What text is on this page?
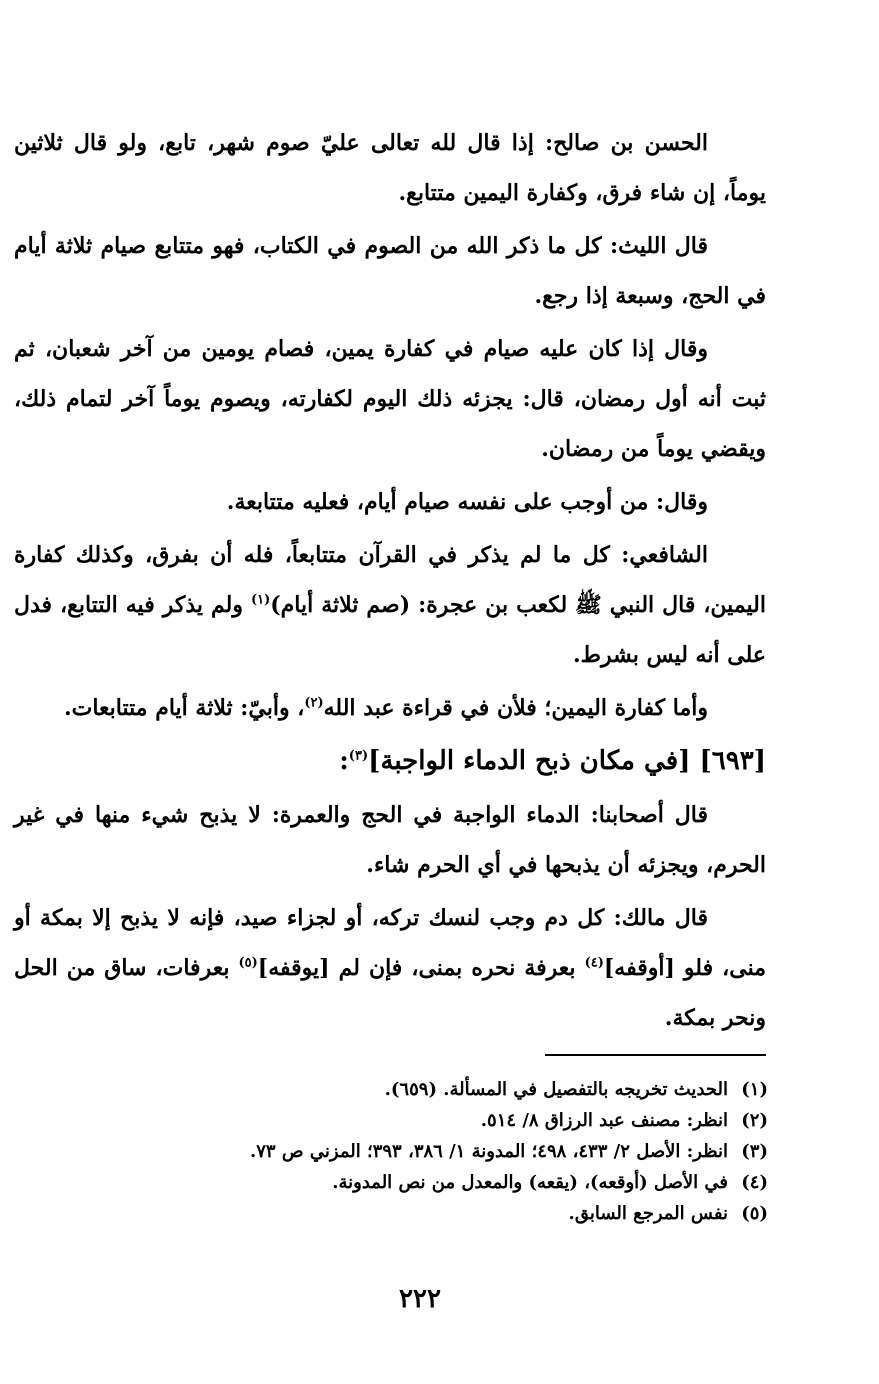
الحسن بن صالح: إذا قال لله تعالى عليّ صوم شهر، تابع، ولو قال ثلاثين يوماً، إن شاء فرق، وكفارة اليمين متتابع.

قال الليث: كل ما ذكر الله من الصوم في الكتاب، فهو متتابع صيام ثلاثة أيام في الحج، وسبعة إذا رجع.

وقال إذا كان عليه صيام في كفارة يمين، فصام يومين من آخر شعبان، ثم ثبت أنه أول رمضان، قال: يجزئه ذلك اليوم لكفارته، ويصوم يوماً آخر لتمام ذلك، ويقضي يوماً من رمضان.

وقال: من أوجب على نفسه صيام أيام، فعليه متتابعة.

الشافعي: كل ما لم يذكر في القرآن متتابعاً، فله أن بفرق، وكذلك كفارة اليمين، قال النبي ﷺ لكعب بن عجرة: (صم ثلاثة أيام)$^{(١)}$ ولم يذكر فيه التتابع، فدل على أنه ليس بشرط.

وأما كفارة اليمين؛ فلأن في قراءة عبد الله$^{(٢)}$، وأبيّ: ثلاثة أيام متتابعات.

[٦٩٣] [في مكان ذبح الدماء الواجبة]$^{(٣)}$:

قال أصحابنا: الدماء الواجبة في الحج والعمرة: لا يذبح شيء منها في غير الحرم، ويجزئه أن يذبحها في أي الحرم شاء.

قال مالك: كل دم وجب لنسك تركه، أو لجزاء صيد، فإنه لا يذبح إلا بمكة أو منى، فلو [أوقفه]$^{(٤)}$ بعرفة نحره بمنى، فإن لم [يوقفه]$^{(٥)}$ بعرفات، ساق من الحل ونحر بمكة.

(١)الحديث تخريجه بالتفصيل في المسألة. (٦٥٩).
(٢)انظر: مصنف عبد الرزاق ٨/ ٥١٤.
(٣)انظر: الأصل ٢/ ٤٣٣، ٤٩٨؛ المدونة ١/ ٣٨٦، ٣٩٣؛ المزني ص ٧٣.
(٤)في الأصل (أوقعه)، (يقعه) والمعدل من نص المدونة.
(٥)نفس المرجع السابق.
٢٢٢
